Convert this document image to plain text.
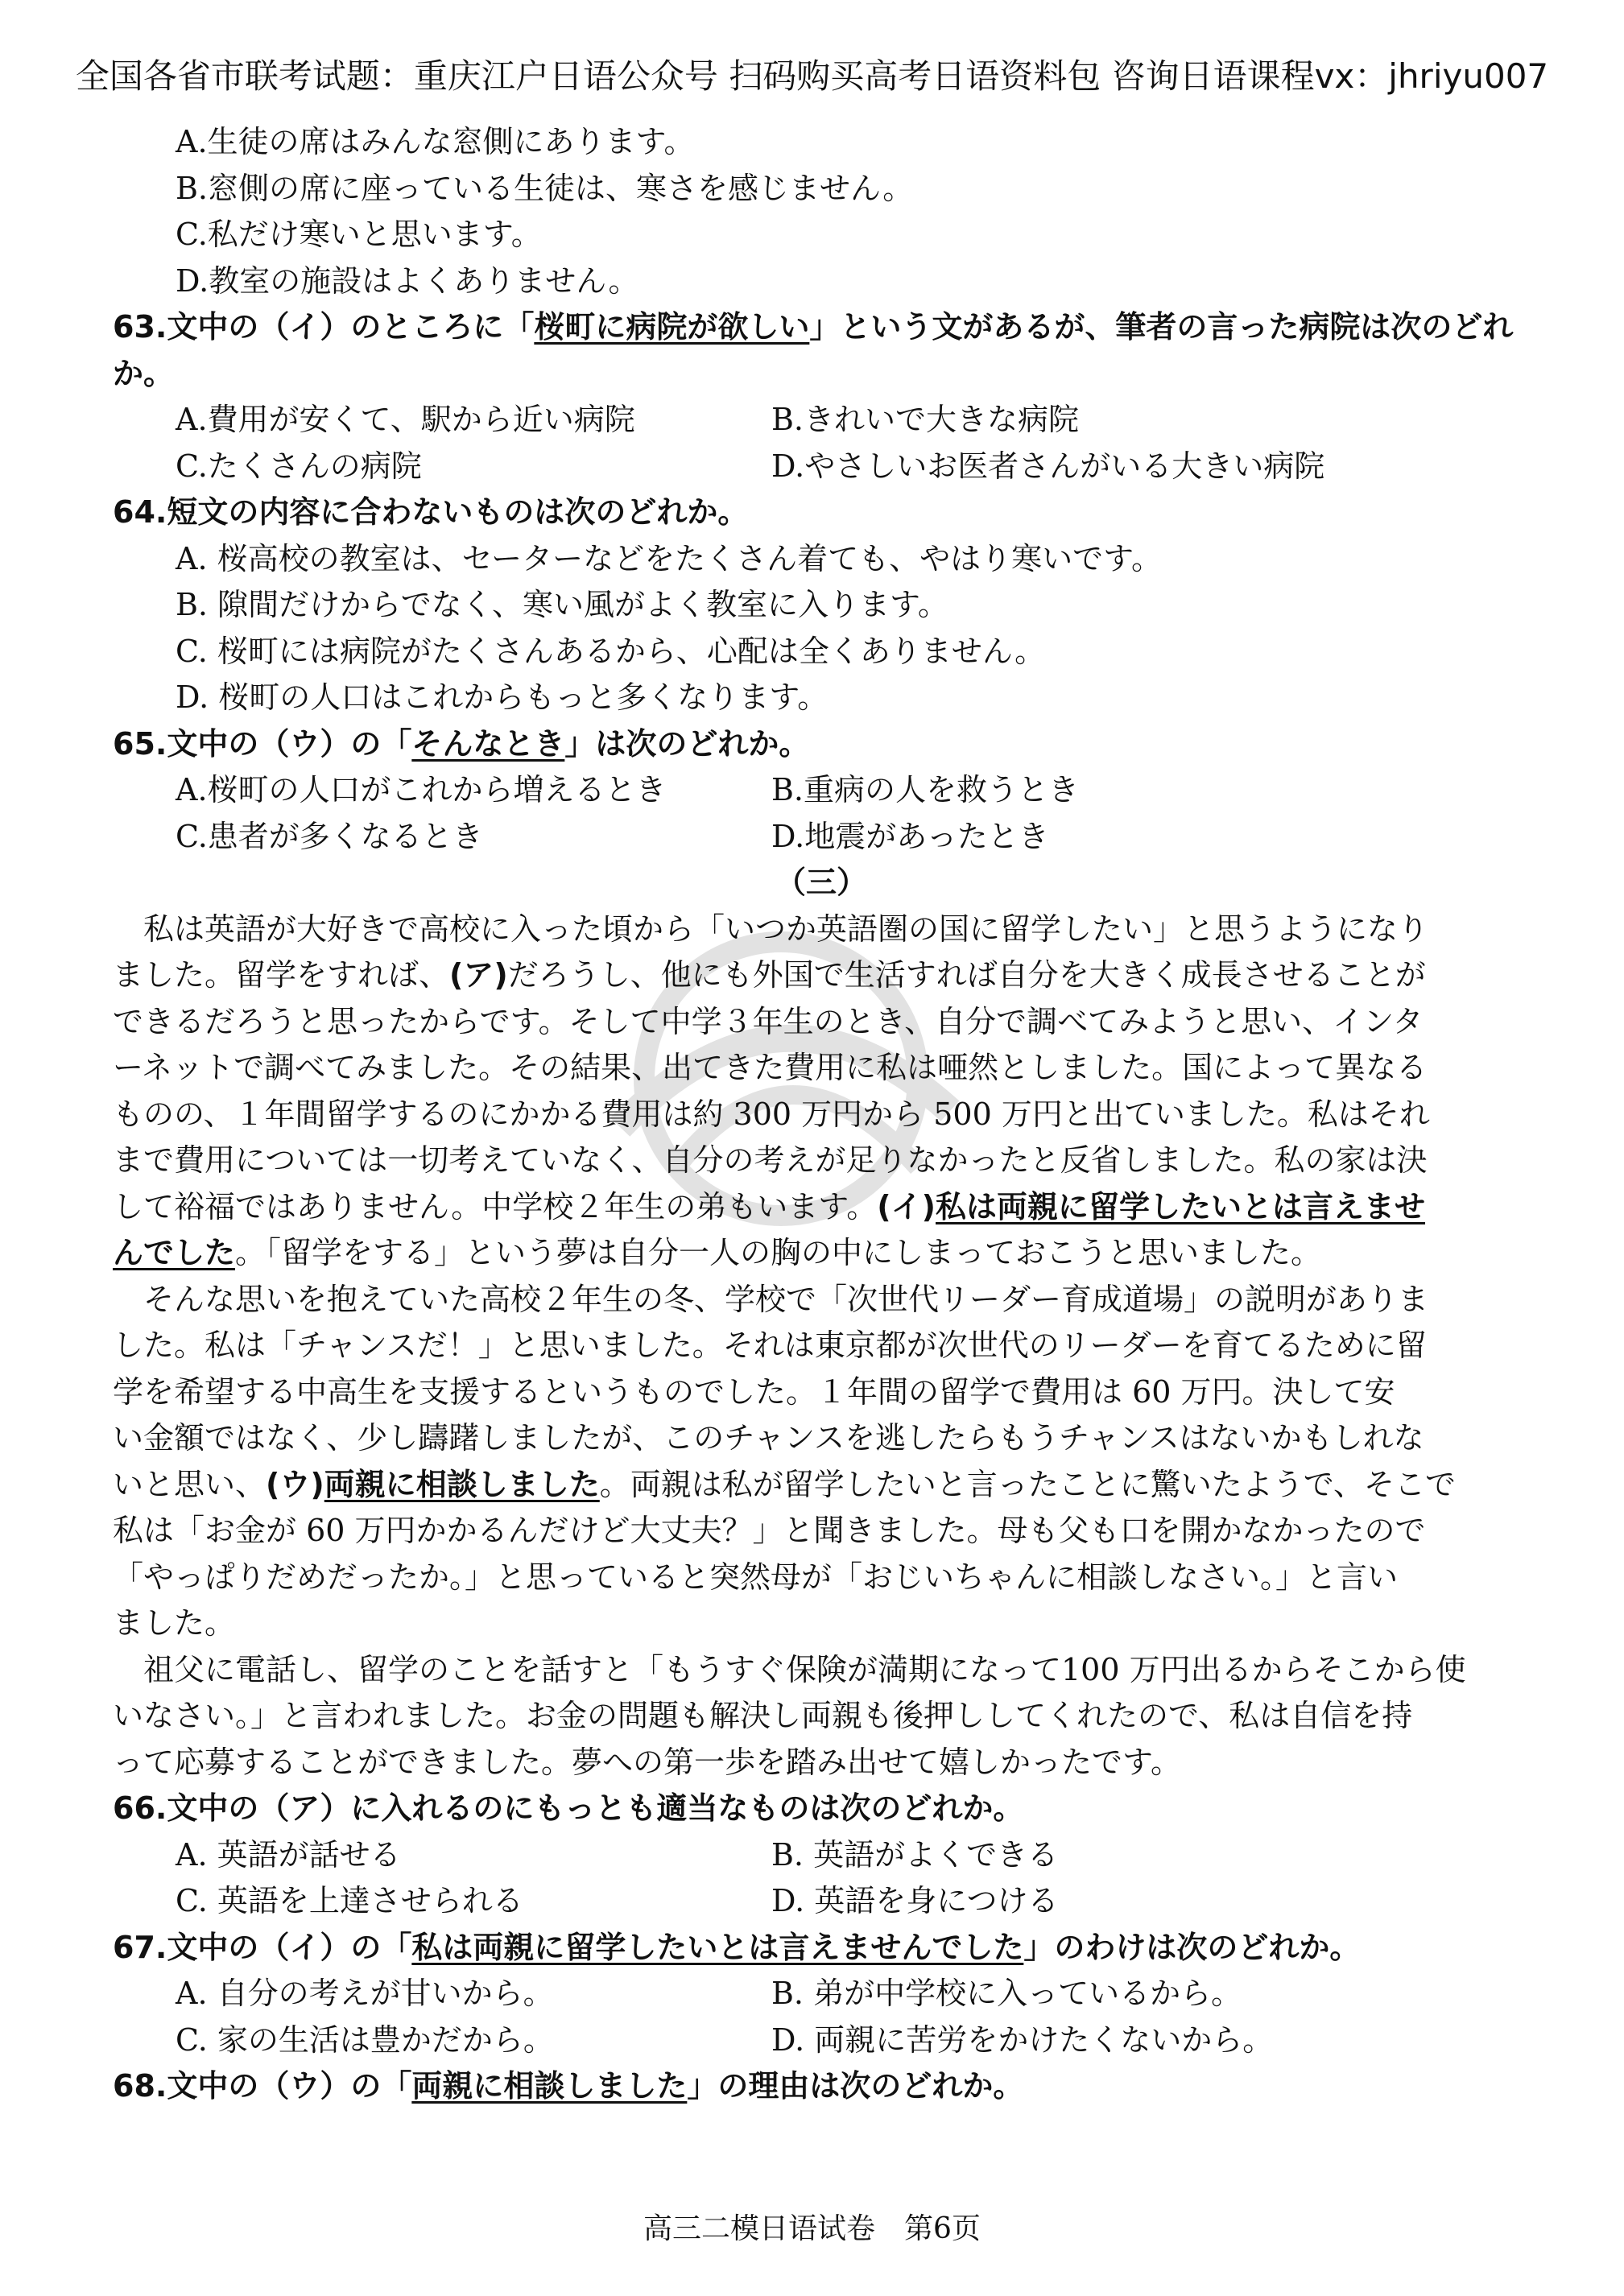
全国各省市联考试题：重庆江户日语公众号 扫码购买高考日语资料包 咨询日语课程vx：jhriyu007
A.生徒の席はみんな窓側にあります。
B.窓側の席に座っている生徒は、寒さを感じません。
C.私だけ寒いと思います。
D.教室の施設はよくありません。
63.文中の（イ）のところに「桜町に病院が欲しい」という文があるが、筆者の言った病院は次のどれ
か。
A.費用が安くて、駅から近い病院	B.きれいで大きな病院
C.たくさんの病院	D.やさしいお医者さんがいる大きい病院
64.短文の内容に合わないものは次のどれか。
A. 桜高校の教室は、セーターなどをたくさん着ても、やはり寒いです。
B. 隙間だけからでなく、寒い風がよく教室に入ります。
C. 桜町には病院がたくさんあるから、心配は全くありません。
D. 桜町の人口はこれからもっと多くなります。
65.文中の（ウ）の「そんなとき」は次のどれか。
A.桜町の人口がこれから増えるとき	B.重病の人を救うとき
C.患者が多くなるとき	D.地震があったとき
（三）
私は英語が大好きで高校に入った頃から「いつか英語圏の国に留学したい」と思うようになり
ました。留学をすれば、(ア)だろうし、他にも外国で生活すれば自分を大きく成長させることが
できるだろうと思ったからです。そして中学３年生のとき、自分で調べてみようと思い、インタ
ーネットで調べてみました。その結果、出てきた費用に私は唖然としました。国によって異なる
ものの、１年間留学するのにかかる費用は約 300 万円から 500 万円と出ていました。私はそれ
まで費用については一切考えていなく、自分の考えが足りなかったと反省しました。私の家は決
して裕福ではありません。中学校２年生の弟もいます。(イ)私は両親に留学したいとは言えませ
んでした。「留学をする」という夢は自分一人の胸の中にしまっておこうと思いました。
そんな思いを抱えていた高校２年生の冬、学校で「次世代リーダー育成道場」の説明がありま
した。私は「チャンスだ！」と思いました。それは東京都が次世代のリーダーを育てるために留
学を希望する中高生を支援するというものでした。１年間の留学で費用は 60 万円。決して安
い金額ではなく、少し躊躇しましたが、このチャンスを逃したらもうチャンスはないかもしれな
いと思い、(ウ)両親に相談しました。両親は私が留学したいと言ったことに驚いたようで、そこで
私は「お金が 60 万円かかるんだけど大丈夫？」と聞きました。母も父も口を開かなかったので
「やっぱりだめだったか。」と思っていると突然母が「おじいちゃんに相談しなさい。」と言い
ました。
祖父に電話し、留学のことを話すと「もうすぐ保険が満期になって100 万円出るからそこから使
いなさい。」と言われました。お金の問題も解決し両親も後押ししてくれたので、私は自信を持
って応募することができました。夢への第一歩を踏み出せて嬉しかったです。
66.文中の（ア）に入れるのにもっとも適当なものは次のどれか。
A. 英語が話せる	B. 英語がよくできる
C. 英語を上達させられる	D. 英語を身につける
67.文中の（イ）の「私は両親に留学したいとは言えませんでした」のわけは次のどれか。
A. 自分の考えが甘いから。	B. 弟が中学校に入っているから。
C. 家の生活は豊かだから。	D. 両親に苦労をかけたくないから。
68.文中の（ウ）の「両親に相談しました」の理由は次のどれか。
高三二模日语试卷　第6页
